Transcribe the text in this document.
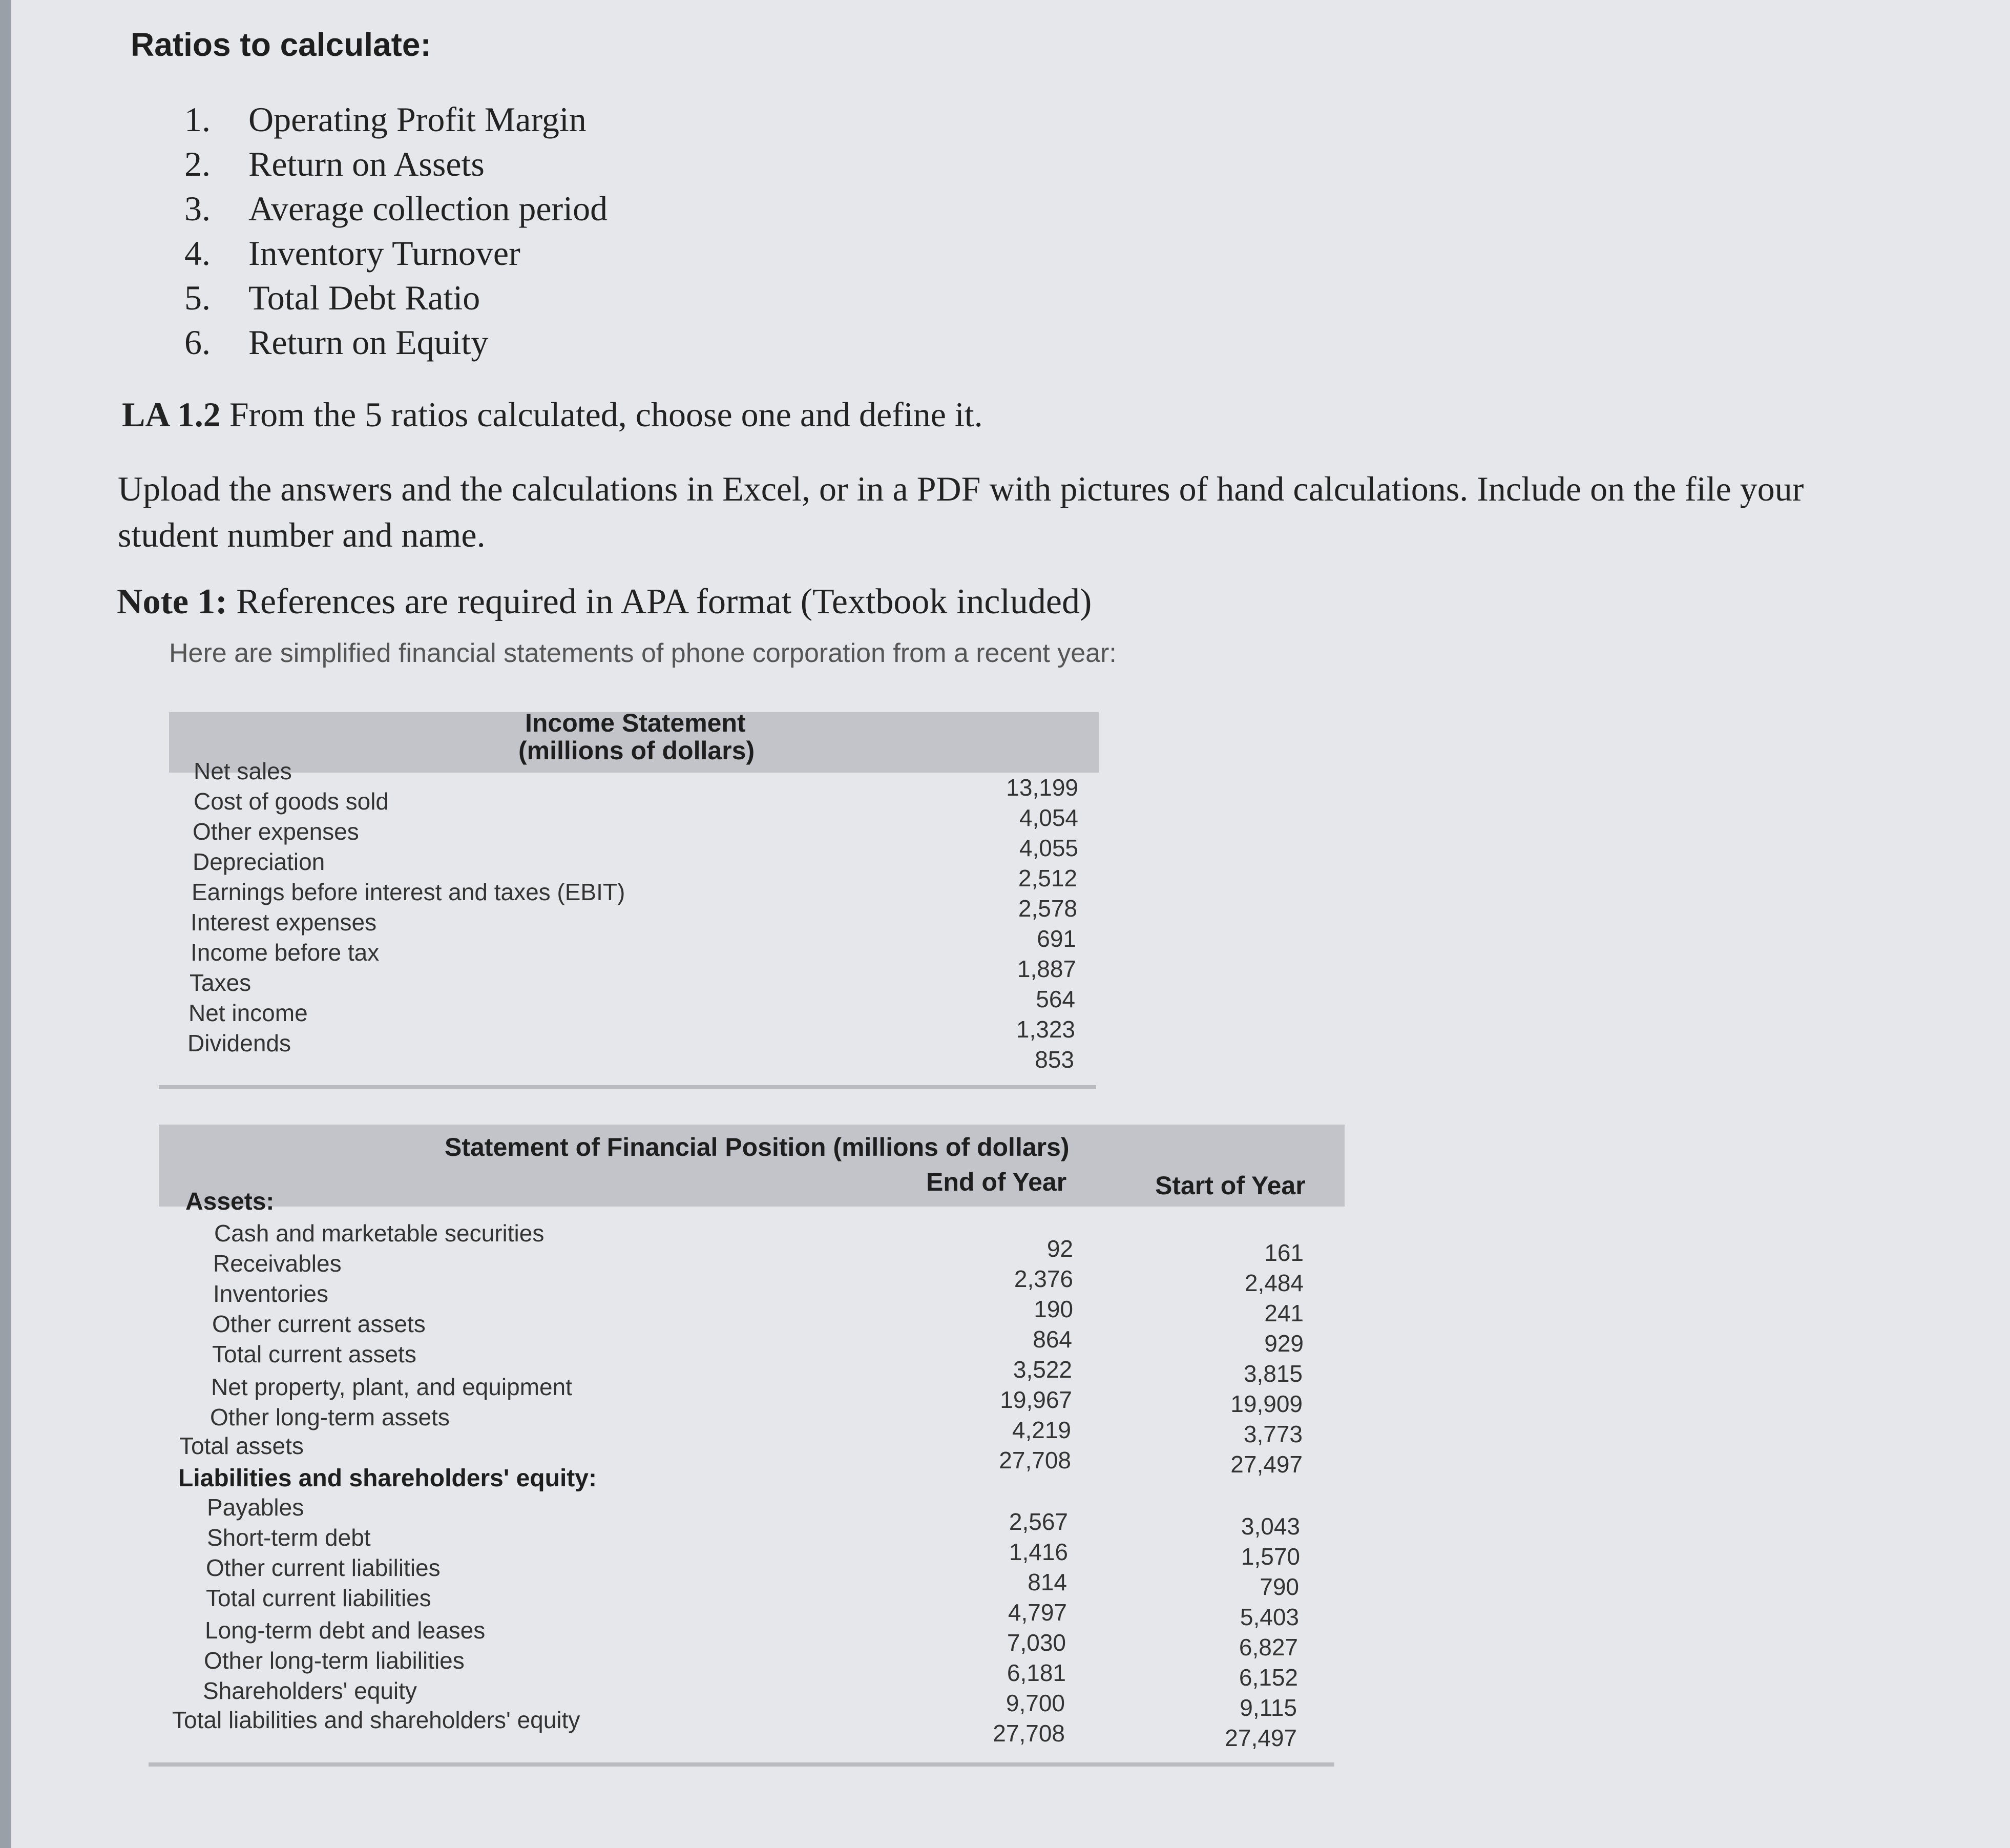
Ratios to calculate:
1. Operating Profit Margin
2. Return on Assets
3. Average collection period
4. Inventory Turnover
5. Total Debt Ratio
6. Return on Equity
LA 1.2 From the 5 ratios calculated, choose one and define it.
Upload the answers and the calculations in Excel, or in a PDF with pictures of hand calculations. Include on the file your
student number and name.
Note 1: References are required in APA format (Textbook included)
Here are simplified financial statements of phone corporation from a recent year:
Income Statement
(millions of dollars)
Net sales
Cost of goods sold
Other expenses
Depreciation
Earnings before interest and taxes (EBIT)
Interest expenses
Income before tax
Taxes
Net income
Dividends
13,199
4,054
4,055
2,512
2,578
691
1,887
564
1,323
853
Statement of Financial Position (millions of dollars)
End of Year	Start of Year
Assets:
Cash and marketable securities
Receivables
Inventories
Other current assets
Total current assets
Net property, plant, and equipment
Other long-term assets
Total assets
92
2,376
190
864
3,522
19,967
4,219
27,708
161
2,484
241
929
3,815
19,909
3,773
27,497
Liabilities and shareholders' equity:
Payables
Short-term debt
Other current liabilities
Total current liabilities
Long-term debt and leases
Other long-term liabilities
Shareholders' equity
Total liabilities and shareholders' equity
2,567
1,416
814
4,797
7,030
6,181
9,700
27,708
3,043
1,570
790
5,403
6,827
6,152
9,115
27,497
